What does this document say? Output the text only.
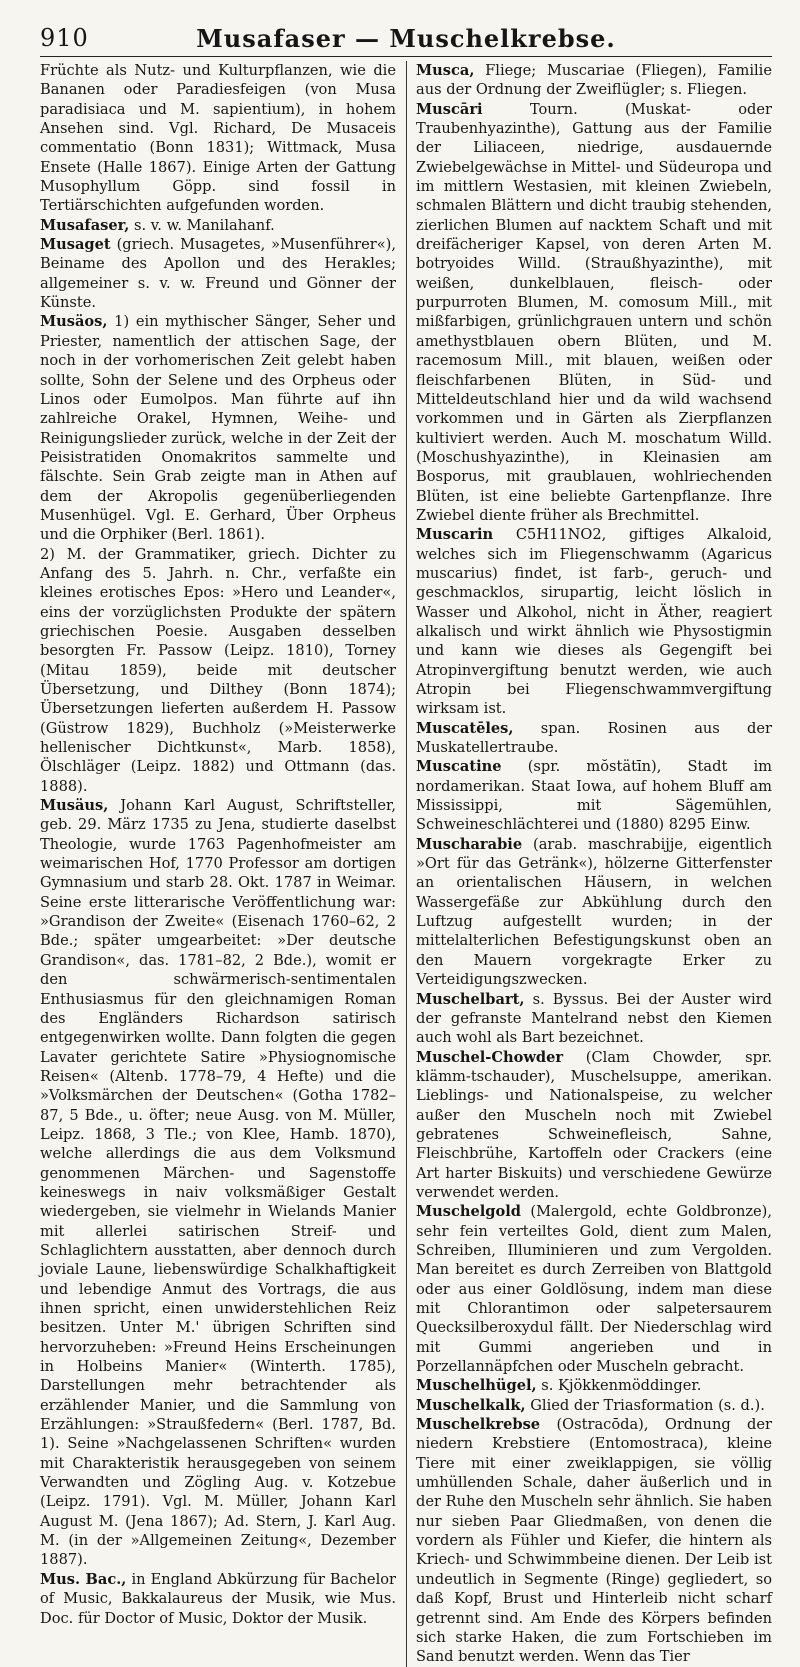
910	Musafaser — Muschelkrebse.

Früchte als Nutz- und Kulturpflanzen, wie die Bananen oder Paradiesfeigen (von Musa paradisiaca und M. sapientium), in hohem Ansehen sind. Vgl. Richard, De Musaceis commentatio (Bonn 1831); Wittmack, Musa Ensete (Halle 1867). Einige Arten der Gattung Musophyllum Göpp. sind fossil in Tertiärschichten aufgefunden worden.

Musafaser, s. v. w. Manilahanf.

Musaget (griech. Musagetes, »Musenführer«), Beiname des Apollon und des Herakles; allgemeiner s. v. w. Freund und Gönner der Künste.

Musäos, 1) ein mythischer Sänger, Seher und Priester, namentlich der attischen Sage, der noch in der vorhomerischen Zeit gelebt haben sollte, Sohn der Selene und des Orpheus oder Linos oder Eumolpos. Man führte auf ihn zahlreiche Orakel, Hymnen, Weihe- und Reinigungslieder zurück, welche in der Zeit der Peisistratiden Onomakritos sammelte und fälschte. Sein Grab zeigte man in Athen auf dem der Akropolis gegenüberliegenden Musenhügel. Vgl. E. Gerhard, Über Orpheus und die Orphiker (Berl. 1861).

2) M. der Grammatiker, griech. Dichter zu Anfang des 5. Jahrh. n. Chr., verfaßte ein kleines erotisches Epos: »Hero und Leander«, eins der vorzüglichsten Produkte der spätern griechischen Poesie. Ausgaben desselben besorgten Fr. Passow (Leipz. 1810), Torney (Mitau 1859), beide mit deutscher Übersetzung, und Dilthey (Bonn 1874); Übersetzungen lieferten außerdem H. Passow (Güstrow 1829), Buchholz (»Meisterwerke hellenischer Dichtkunst«, Marb. 1858), Ölschläger (Leipz. 1882) und Ottmann (das. 1888).

Musäus, Johann Karl August, Schriftsteller, geb. 29. März 1735 zu Jena, studierte daselbst Theologie, wurde 1763 Pagenhofmeister am weimarischen Hof, 1770 Professor am dortigen Gymnasium und starb 28. Okt. 1787 in Weimar. Seine erste litterarische Veröffentlichung war: »Grandison der Zweite« (Eisenach 1760–62, 2 Bde.; später umgearbeitet: »Der deutsche Grandison«, das. 1781–82, 2 Bde.), womit er den schwärmerisch-sentimentalen Enthusiasmus für den gleichnamigen Roman des Engländers Richardson satirisch entgegenwirken wollte. Dann folgten die gegen Lavater gerichtete Satire »Physiognomische Reisen« (Altenb. 1778–79, 4 Hefte) und die »Volksmärchen der Deutschen« (Gotha 1782–87, 5 Bde., u. öfter; neue Ausg. von M. Müller, Leipz. 1868, 3 Tle.; von Klee, Hamb. 1870), welche allerdings die aus dem Volksmund genommenen Märchen- und Sagenstoffe keineswegs in naiv volksmäßiger Gestalt wiedergeben, sie vielmehr in Wielands Manier mit allerlei satirischen Streif- und Schlaglichtern ausstatten, aber dennoch durch joviale Laune, liebenswürdige Schalkhaftigkeit und lebendige Anmut des Vortrags, die aus ihnen spricht, einen unwiderstehlichen Reiz besitzen. Unter M.' übrigen Schriften sind hervorzuheben: »Freund Heins Erscheinungen in Holbeins Manier« (Winterth. 1785), Darstellungen mehr betrachtender als erzählender Manier, und die Sammlung von Erzählungen: »Straußfedern« (Berl. 1787, Bd. 1). Seine »Nachgelassenen Schriften« wurden mit Charakteristik herausgegeben von seinem Verwandten und Zögling Aug. v. Kotzebue (Leipz. 1791). Vgl. M. Müller, Johann Karl August M. (Jena 1867); Ad. Stern, J. Karl Aug. M. (in der »Allgemeinen Zeitung«, Dezember 1887).

Mus. Bac., in England Abkürzung für Bachelor of Music, Bakkalaureus der Musik, wie Mus. Doc. für Doctor of Music, Doktor der Musik.

Musca, Fliege; Muscariae (Fliegen), Familie aus der Ordnung der Zweiflügler; s. Fliegen.

Muscāri Tourn. (Muskat- oder Traubenhyazinthe), Gattung aus der Familie der Liliaceen, niedrige, ausdauernde Zwiebelgewächse in Mittel- und Südeuropa und im mittlern Westasien, mit kleinen Zwiebeln, schmalen Blättern und dicht traubig stehenden, zierlichen Blumen auf nacktem Schaft und mit dreifächeriger Kapsel, von deren Arten M. botryoides Willd. (Straußhyazinthe), mit weißen, dunkelblauen, fleisch- oder purpurroten Blumen, M. comosum Mill., mit mißfarbigen, grünlichgrauen untern und schön amethystblauen obern Blüten, und M. racemosum Mill., mit blauen, weißen oder fleischfarbenen Blüten, in Süd- und Mitteldeutschland hier und da wild wachsend vorkommen und in Gärten als Zierpflanzen kultiviert werden. Auch M. moschatum Willd. (Moschushyazinthe), in Kleinasien am Bosporus, mit graublauen, wohlriechenden Blüten, ist eine beliebte Gartenpflanze. Ihre Zwiebel diente früher als Brechmittel.

Muscarin C5H11NO2, giftiges Alkaloid, welches sich im Fliegenschwamm (Agaricus muscarius) findet, ist farb-, geruch- und geschmacklos, sirupartig, leicht löslich in Wasser und Alkohol, nicht in Äther, reagiert alkalisch und wirkt ähnlich wie Physostigmin und kann wie dieses als Gegengift bei Atropinvergiftung benutzt werden, wie auch Atropin bei Fliegenschwammvergiftung wirksam ist.

Muscatēles, span. Rosinen aus der Muskatellertraube.

Muscatine (spr. mŏstätīn), Stadt im nordamerikan. Staat Iowa, auf hohem Bluff am Mississippi, mit Sägemühlen, Schweineschlächterei und (1880) 8295 Einw.

Muscharabie (arab. maschrabijje, eigentlich »Ort für das Getränk«), hölzerne Gitterfenster an orientalischen Häusern, in welchen Wassergefäße zur Abkühlung durch den Luftzug aufgestellt wurden; in der mittelalterlichen Befestigungskunst oben an den Mauern vorgekragte Erker zu Verteidigungszwecken.

Muschelbart, s. Byssus. Bei der Auster wird der gefranste Mantelrand nebst den Kiemen auch wohl als Bart bezeichnet.

Muschel-Chowder (Clam Chowder, spr. klämm-tschauder), Muschelsuppe, amerikan. Lieblings- und Nationalspeise, zu welcher außer den Muscheln noch mit Zwiebel gebratenes Schweinefleisch, Sahne, Fleischbrühe, Kartoffeln oder Crackers (eine Art harter Biskuits) und verschiedene Gewürze verwendet werden.

Muschelgold (Malergold, echte Goldbronze), sehr fein verteiltes Gold, dient zum Malen, Schreiben, Illuminieren und zum Vergolden. Man bereitet es durch Zerreiben von Blattgold oder aus einer Goldlösung, indem man diese mit Chlorantimon oder salpetersaurem Quecksilberoxydul fällt. Der Niederschlag wird mit Gummi angerieben und in Porzellannäpfchen oder Muscheln gebracht.

Muschelhügel, s. Kjökkenmöddinger.

Muschelkalk, Glied der Triasformation (s. d.).

Muschelkrebse (Ostracōda), Ordnung der niedern Krebstiere (Entomostraca), kleine Tiere mit einer zweiklappigen, sie völlig umhüllenden Schale, daher äußerlich und in der Ruhe den Muscheln sehr ähnlich. Sie haben nur sieben Paar Gliedmaßen, von denen die vordern als Fühler und Kiefer, die hintern als Kriech- und Schwimmbeine dienen. Der Leib ist undeutlich in Segmente (Ringe) gegliedert, so daß Kopf, Brust und Hinterleib nicht scharf getrennt sind. Am Ende des Körpers befinden sich starke Haken, die zum Fortschieben im Sand benutzt werden. Wenn das Tier
